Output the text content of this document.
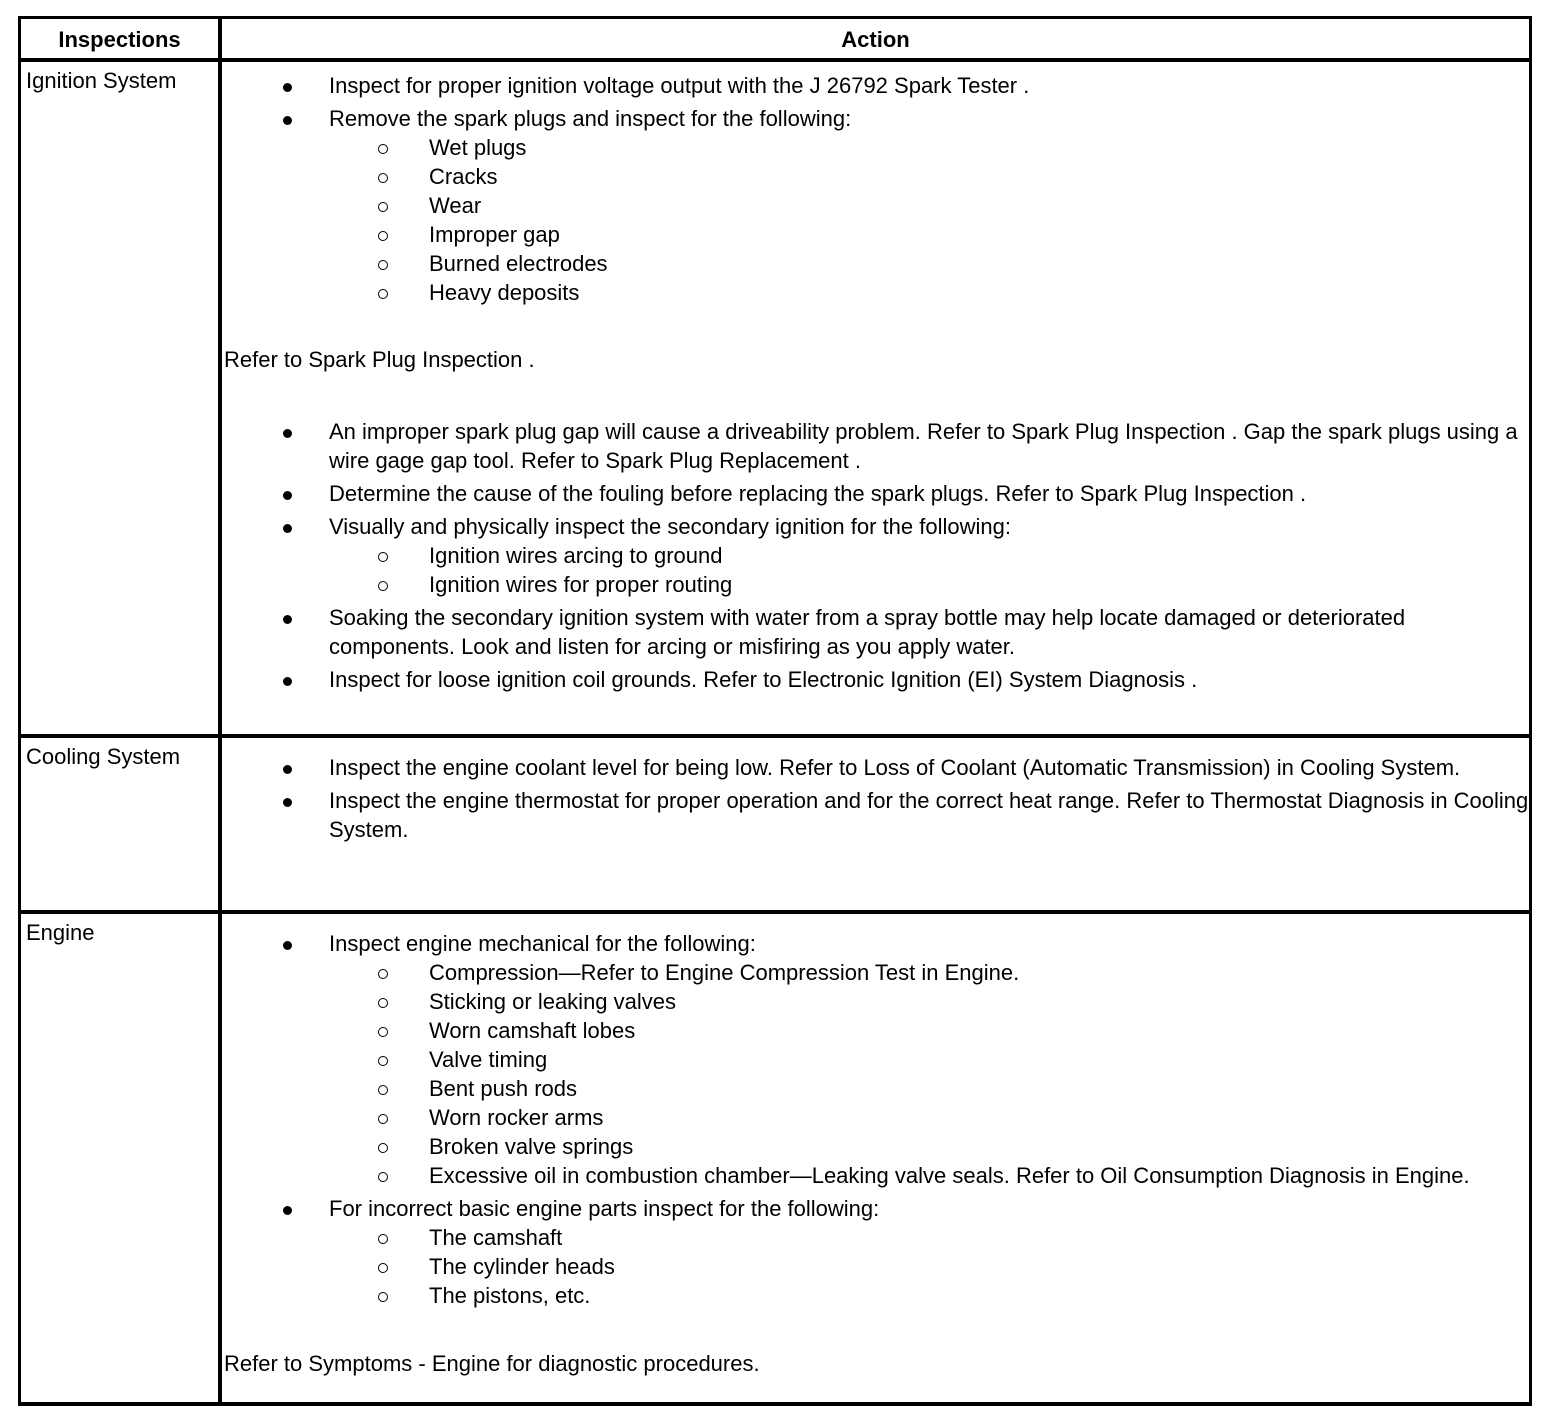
Inspections	Action
Ignition System	Inspect for proper ignition voltage output with the J 26792 Spark Tester .
Remove the spark plugs and inspect for the following:
Wet plugs
Cracks
Wear
Improper gap
Burned electrodes
Heavy deposits
Refer to Spark Plug Inspection .
An improper spark plug gap will cause a driveability problem. Refer to Spark Plug Inspection . Gap the spark plugs using a wire gage gap tool. Refer to Spark Plug Replacement .
Determine the cause of the fouling before replacing the spark plugs. Refer to Spark Plug Inspection .
Visually and physically inspect the secondary ignition for the following:
Ignition wires arcing to ground
Ignition wires for proper routing
Soaking the secondary ignition system with water from a spray bottle may help locate damaged or deteriorated components. Look and listen for arcing or misfiring as you apply water.
Inspect for loose ignition coil grounds. Refer to Electronic Ignition (EI) System Diagnosis .
Cooling System	Inspect the engine coolant level for being low. Refer to Loss of Coolant (Automatic Transmission) in Cooling System.
Inspect the engine thermostat for proper operation and for the correct heat range. Refer to Thermostat Diagnosis in Cooling System.
Engine	Inspect engine mechanical for the following:
Compression—Refer to Engine Compression Test in Engine.
Sticking or leaking valves
Worn camshaft lobes
Valve timing
Bent push rods
Worn rocker arms
Broken valve springs
Excessive oil in combustion chamber—Leaking valve seals. Refer to Oil Consumption Diagnosis in Engine.
For incorrect basic engine parts inspect for the following:
The camshaft
The cylinder heads
The pistons, etc.
Refer to Symptoms - Engine for diagnostic procedures.
